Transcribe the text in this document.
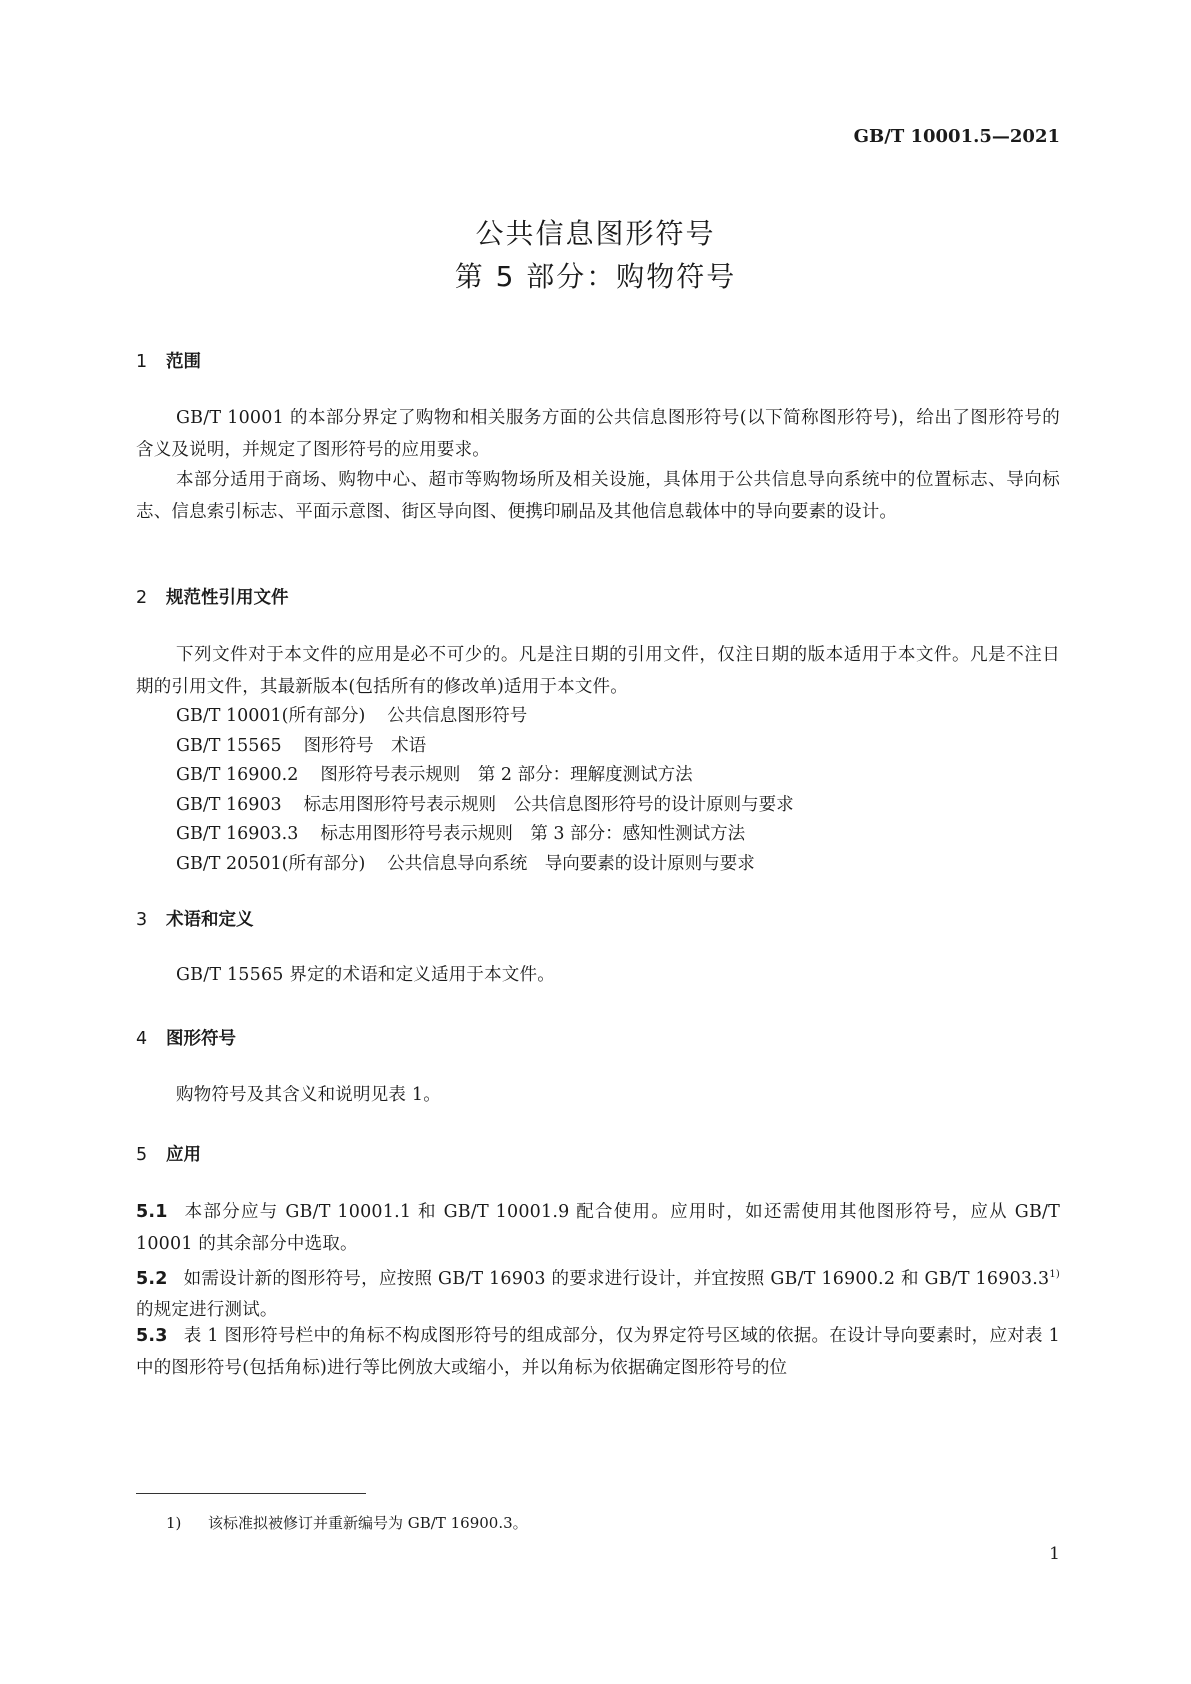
GB/T 10001.5—2021
公共信息图形符号
第 5 部分：购物符号
1 范围
GB/T 10001 的本部分界定了购物和相关服务方面的公共信息图形符号(以下简称图形符号)，给出了图形符号的含义及说明，并规定了图形符号的应用要求。
本部分适用于商场、购物中心、超市等购物场所及相关设施，具体用于公共信息导向系统中的位置标志、导向标志、信息索引标志、平面示意图、街区导向图、便携印刷品及其他信息载体中的导向要素的设计。
2 规范性引用文件
下列文件对于本文件的应用是必不可少的。凡是注日期的引用文件，仅注日期的版本适用于本文件。凡是不注日期的引用文件，其最新版本(包括所有的修改单)适用于本文件。
GB/T 10001(所有部分) 公共信息图形符号
GB/T 15565 图形符号　术语
GB/T 16900.2 图形符号表示规则　第 2 部分：理解度测试方法
GB/T 16903 标志用图形符号表示规则　公共信息图形符号的设计原则与要求
GB/T 16903.3 标志用图形符号表示规则　第 3 部分：感知性测试方法
GB/T 20501(所有部分) 公共信息导向系统　导向要素的设计原则与要求
3 术语和定义
GB/T 15565 界定的术语和定义适用于本文件。
4 图形符号
购物符号及其含义和说明见表 1。
5 应用
5.1 本部分应与 GB/T 10001.1 和 GB/T 10001.9 配合使用。应用时，如还需使用其他图形符号，应从 GB/T 10001 的其余部分中选取。
5.2 如需设计新的图形符号，应按照 GB/T 16903 的要求进行设计，并宜按照 GB/T 16900.2 和 GB/T 16903.3$^{1)}$ 的规定进行测试。
5.3 表 1 图形符号栏中的角标不构成图形符号的组成部分，仅为界定符号区域的依据。在设计导向要素时，应对表 1 中的图形符号(包括角标)进行等比例放大或缩小，并以角标为依据确定图形符号的位
1) 该标准拟被修订并重新编号为 GB/T 16900.3。
1
